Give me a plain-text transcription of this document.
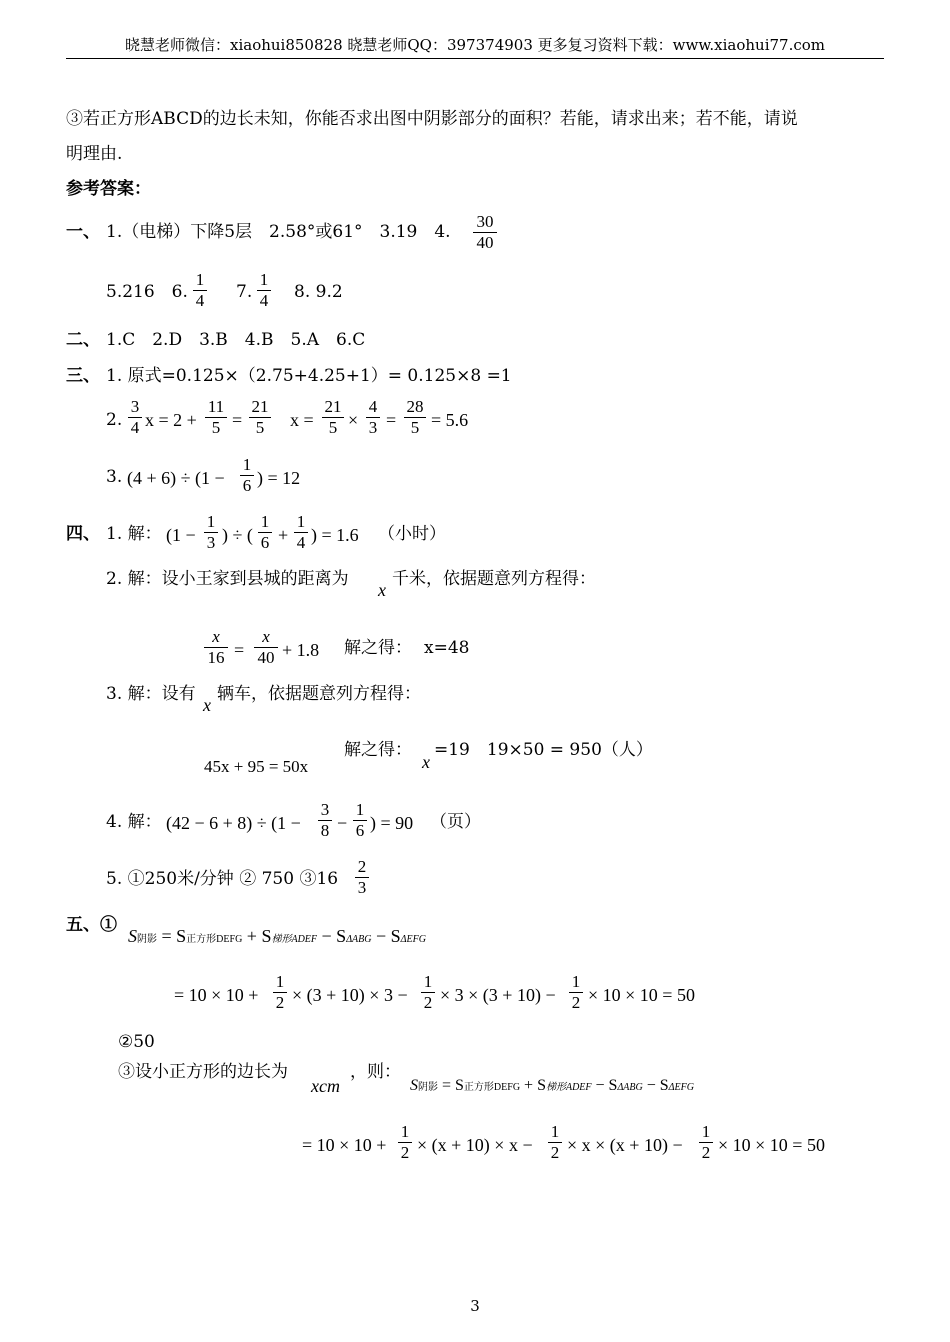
晓慧老师微信：xiaohui850828 晓慧老师QQ：397374903 更多复习资料下载：www.xiaohui77.com
③若正方形ABCD的边长未知，你能否求出图中阴影部分的面积？若能，请求出来；若不能，请说
明理由.
参考答案：
一、 1.（电梯）下降5层　2.58°或61°　3.19　4.
30
40
5.216　6.
1
4 7.
1
4 8. 9.2
二、 1.C　2.D　3.B　4.B　5.A　6.C
三、 1. 原式=0.125×（2.75+4.25+1）= 0.125×8 =1
2.
3
4 x = 2 +
11
5 =
21
5	x =
21
5 ×
4
3 =
28
5 = 5.6
3. (4 + 6) ÷ (1 −
1
6 ) = 12
四、 1. 解： (1 −
1
3 ) ÷ (
1
6 +
1
4 ) = 1.6 （小时）
2. 解：设小王家到县城的距离为
x
千米，依据题意列方程得：
x
16 =
x
40 + 1.8 解之得： x=48
3. 解：设有
x
辆车，依据题意列方程得：
45x + 95 = 50x
解之得：
x
=19　19×50 = 950（人）
4. 解： (42 − 6 + 8) ÷ (1 −
3
8 −
1
6 ) = 90 （页）
5. ①250米/分钟 ② 750 ③16
2
3
五、①
S阴影 = S正方形DEFG + S梯形ADEF − SΔABG − SΔEFG
= 10 × 10 +
1
2 × (3 + 10) × 3 −
1
2 × 3 × (3 + 10) −
1
2 × 10 × 10 = 50
②50
③设小正方形的边长为
xcm
，则：
S阴影 = S正方形DEFG + S梯形ADEF − SΔABG − SΔEFG
= 10 × 10 +
1
2 × (x + 10) × x −
1
2 × x × (x + 10) −
1
2 × 10 × 10 = 50
3
